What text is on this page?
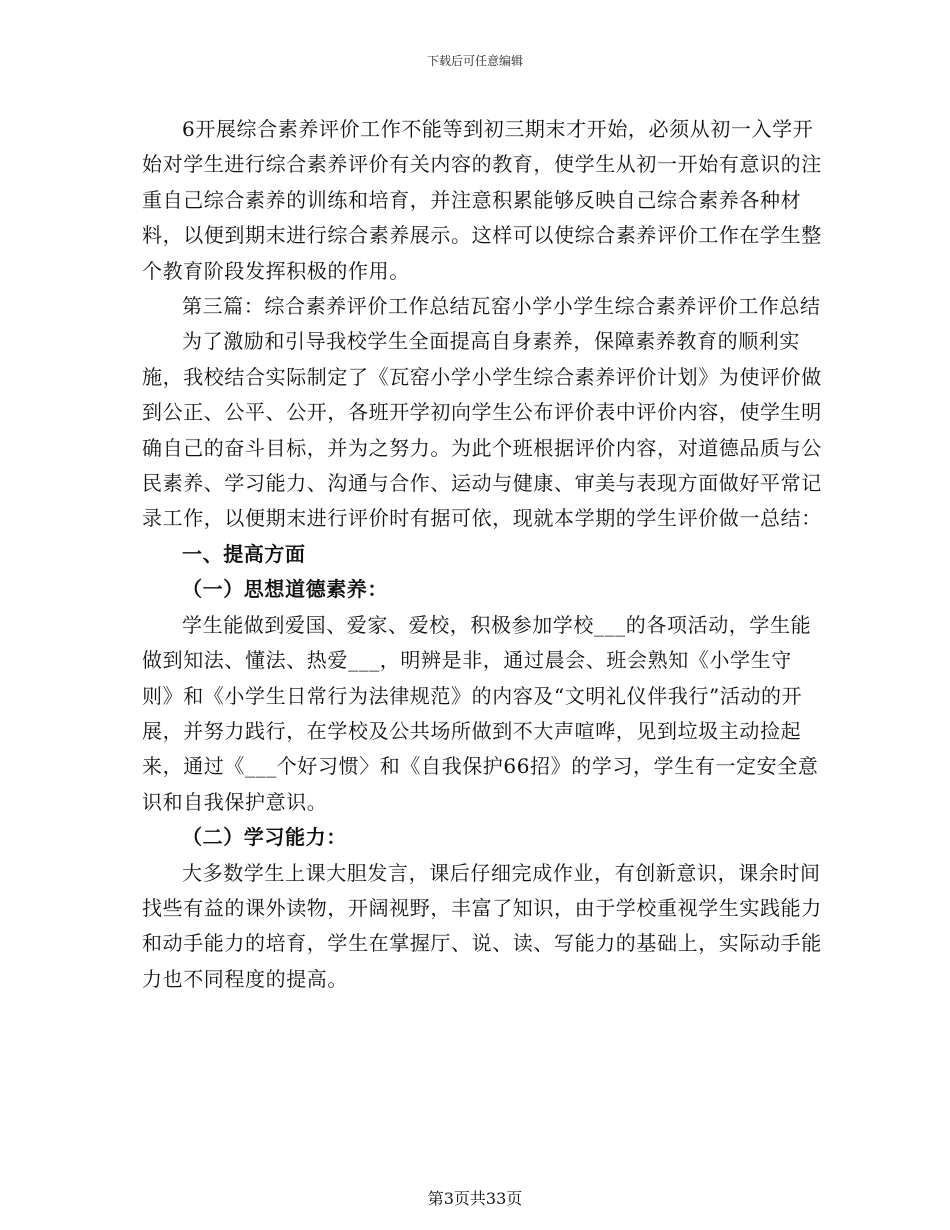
下载后可任意编辑

6开展综合素养评价工作不能等到初三期末才开始，必须从初一入学开始对学生进行综合素养评价有关内容的教育，使学生从初一开始有意识的注重自己综合素养的训练和培育，并注意积累能够反映自己综合素养各种材料，以便到期末进行综合素养展示。这样可以使综合素养评价工作在学生整个教育阶段发挥积极的作用。

第三篇：综合素养评价工作总结瓦窑小学小学生综合素养评价工作总结

为了激励和引导我校学生全面提高自身素养，保障素养教育的顺利实施，我校结合实际制定了《瓦窑小学小学生综合素养评价计划》为使评价做到公正、公平、公开，各班开学初向学生公布评价表中评价内容，使学生明确自己的奋斗目标，并为之努力。为此个班根据评价内容，对道德品质与公民素养、学习能力、沟通与合作、运动与健康、审美与表现方面做好平常记录工作，以便期末进行评价时有据可依，现就本学期的学生评价做一总结：

一、提高方面

（一）思想道德素养：

学生能做到爱国、爱家、爱校，积极参加学校___的各项活动，学生能做到知法、懂法、热爱___，明辨是非，通过晨会、班会熟知《小学生守则》和《小学生日常行为法律规范》的内容及“文明礼仪伴我行”活动的开展，并努力践行，在学校及公共场所做到不大声喧哗，见到垃圾主动捡起来，通过《___个好习惯〉和《自我保护66招》的学习，学生有一定安全意识和自我保护意识。

（二）学习能力：

大多数学生上课大胆发言，课后仔细完成作业，有创新意识，课余时间找些有益的课外读物，开阔视野，丰富了知识，由于学校重视学生实践能力和动手能力的培育，学生在掌握厅、说、读、写能力的基础上，实际动手能力也不同程度的提高。

第3页共33页
